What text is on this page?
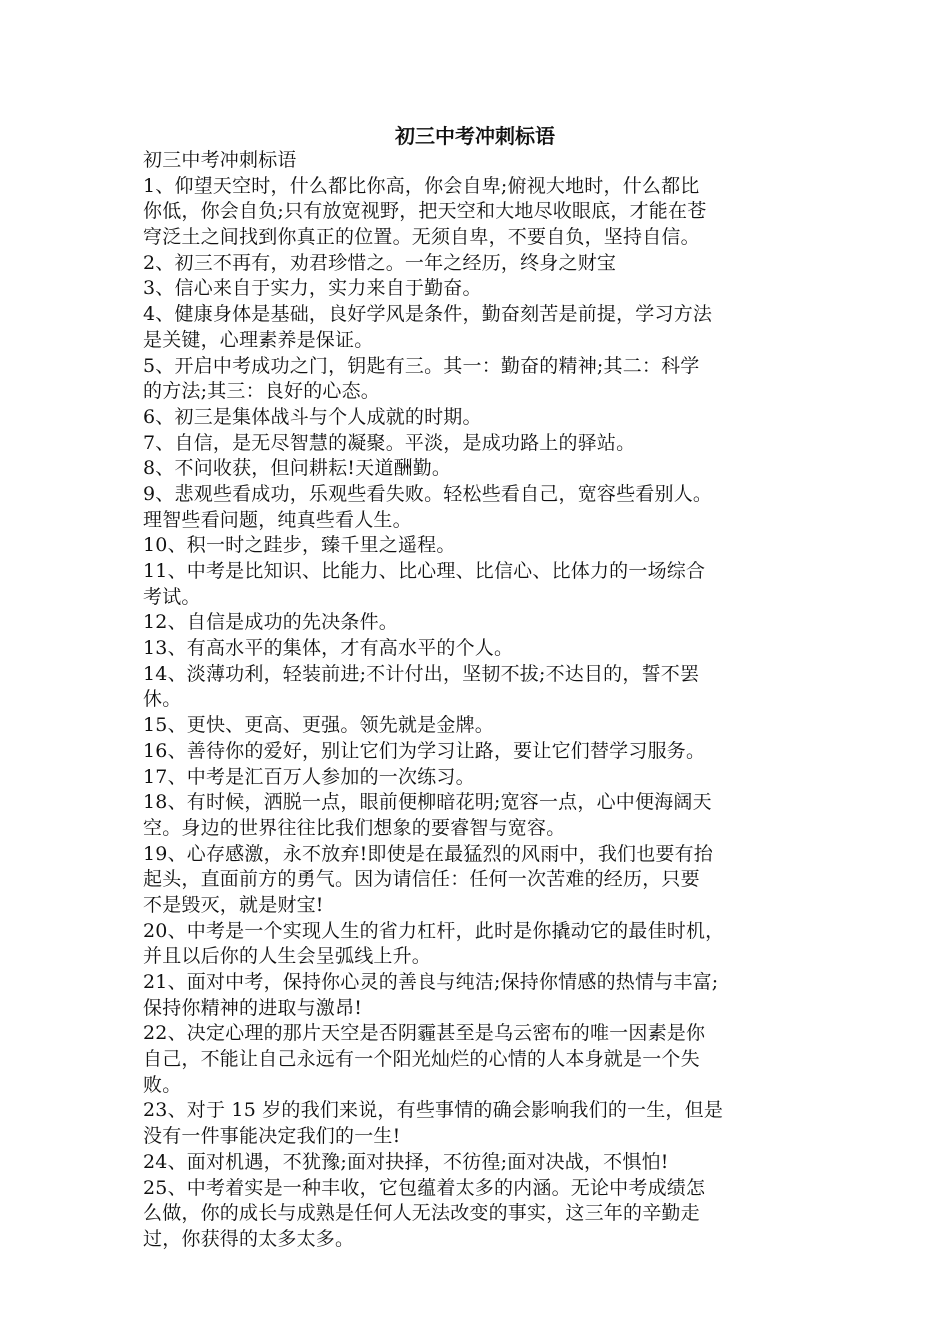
初三中考冲刺标语
初三中考冲刺标语
1、仰望天空时，什么都比你高，你会自卑;俯视大地时，什么都比
你低，你会自负;只有放宽视野，把天空和大地尽收眼底，才能在苍
穹泛土之间找到你真正的位置。无须自卑，不要自负，坚持自信。
2、初三不再有，劝君珍惜之。一年之经历，终身之财宝
3、信心来自于实力，实力来自于勤奋。
4、健康身体是基础，良好学风是条件，勤奋刻苦是前提，学习方法
是关键，心理素养是保证。
5、开启中考成功之门，钥匙有三。其一：勤奋的精神;其二：科学
的方法;其三：良好的心态。
6、初三是集体战斗与个人成就的时期。
7、自信，是无尽智慧的凝聚。平淡，是成功路上的驿站。
8、不问收获，但问耕耘!天道酬勤。
9、悲观些看成功，乐观些看失败。轻松些看自己，宽容些看别人。
理智些看问题，纯真些看人生。
10、积一时之跬步，臻千里之遥程。
11、中考是比知识、比能力、比心理、比信心、比体力的一场综合
考试。
12、自信是成功的先决条件。
13、有高水平的集体，才有高水平的个人。
14、淡薄功利，轻装前进;不计付出，坚韧不拔;不达目的，誓不罢
休。
15、更快、更高、更强。领先就是金牌。
16、善待你的爱好，别让它们为学习让路，要让它们替学习服务。
17、中考是汇百万人参加的一次练习。
18、有时候，洒脱一点，眼前便柳暗花明;宽容一点，心中便海阔天
空。身边的世界往往比我们想象的要睿智与宽容。
19、心存感激，永不放弃!即使是在最猛烈的风雨中，我们也要有抬
起头，直面前方的勇气。因为请信任：任何一次苦难的经历，只要
不是毁灭，就是财宝!
20、中考是一个实现人生的省力杠杆，此时是你撬动它的最佳时机，
并且以后你的人生会呈弧线上升。
21、面对中考，保持你心灵的善良与纯洁;保持你情感的热情与丰富;
保持你精神的进取与激昂!
22、决定心理的那片天空是否阴霾甚至是乌云密布的唯一因素是你
自己，不能让自己永远有一个阳光灿烂的心情的人本身就是一个失
败。
23、对于 15 岁的我们来说，有些事情的确会影响我们的一生，但是
没有一件事能决定我们的一生!
24、面对机遇，不犹豫;面对抉择，不彷徨;面对决战，不惧怕!
25、中考着实是一种丰收，它包蕴着太多的内涵。无论中考成绩怎
么做，你的成长与成熟是任何人无法改变的事实，这三年的辛勤走
过，你获得的太多太多。
